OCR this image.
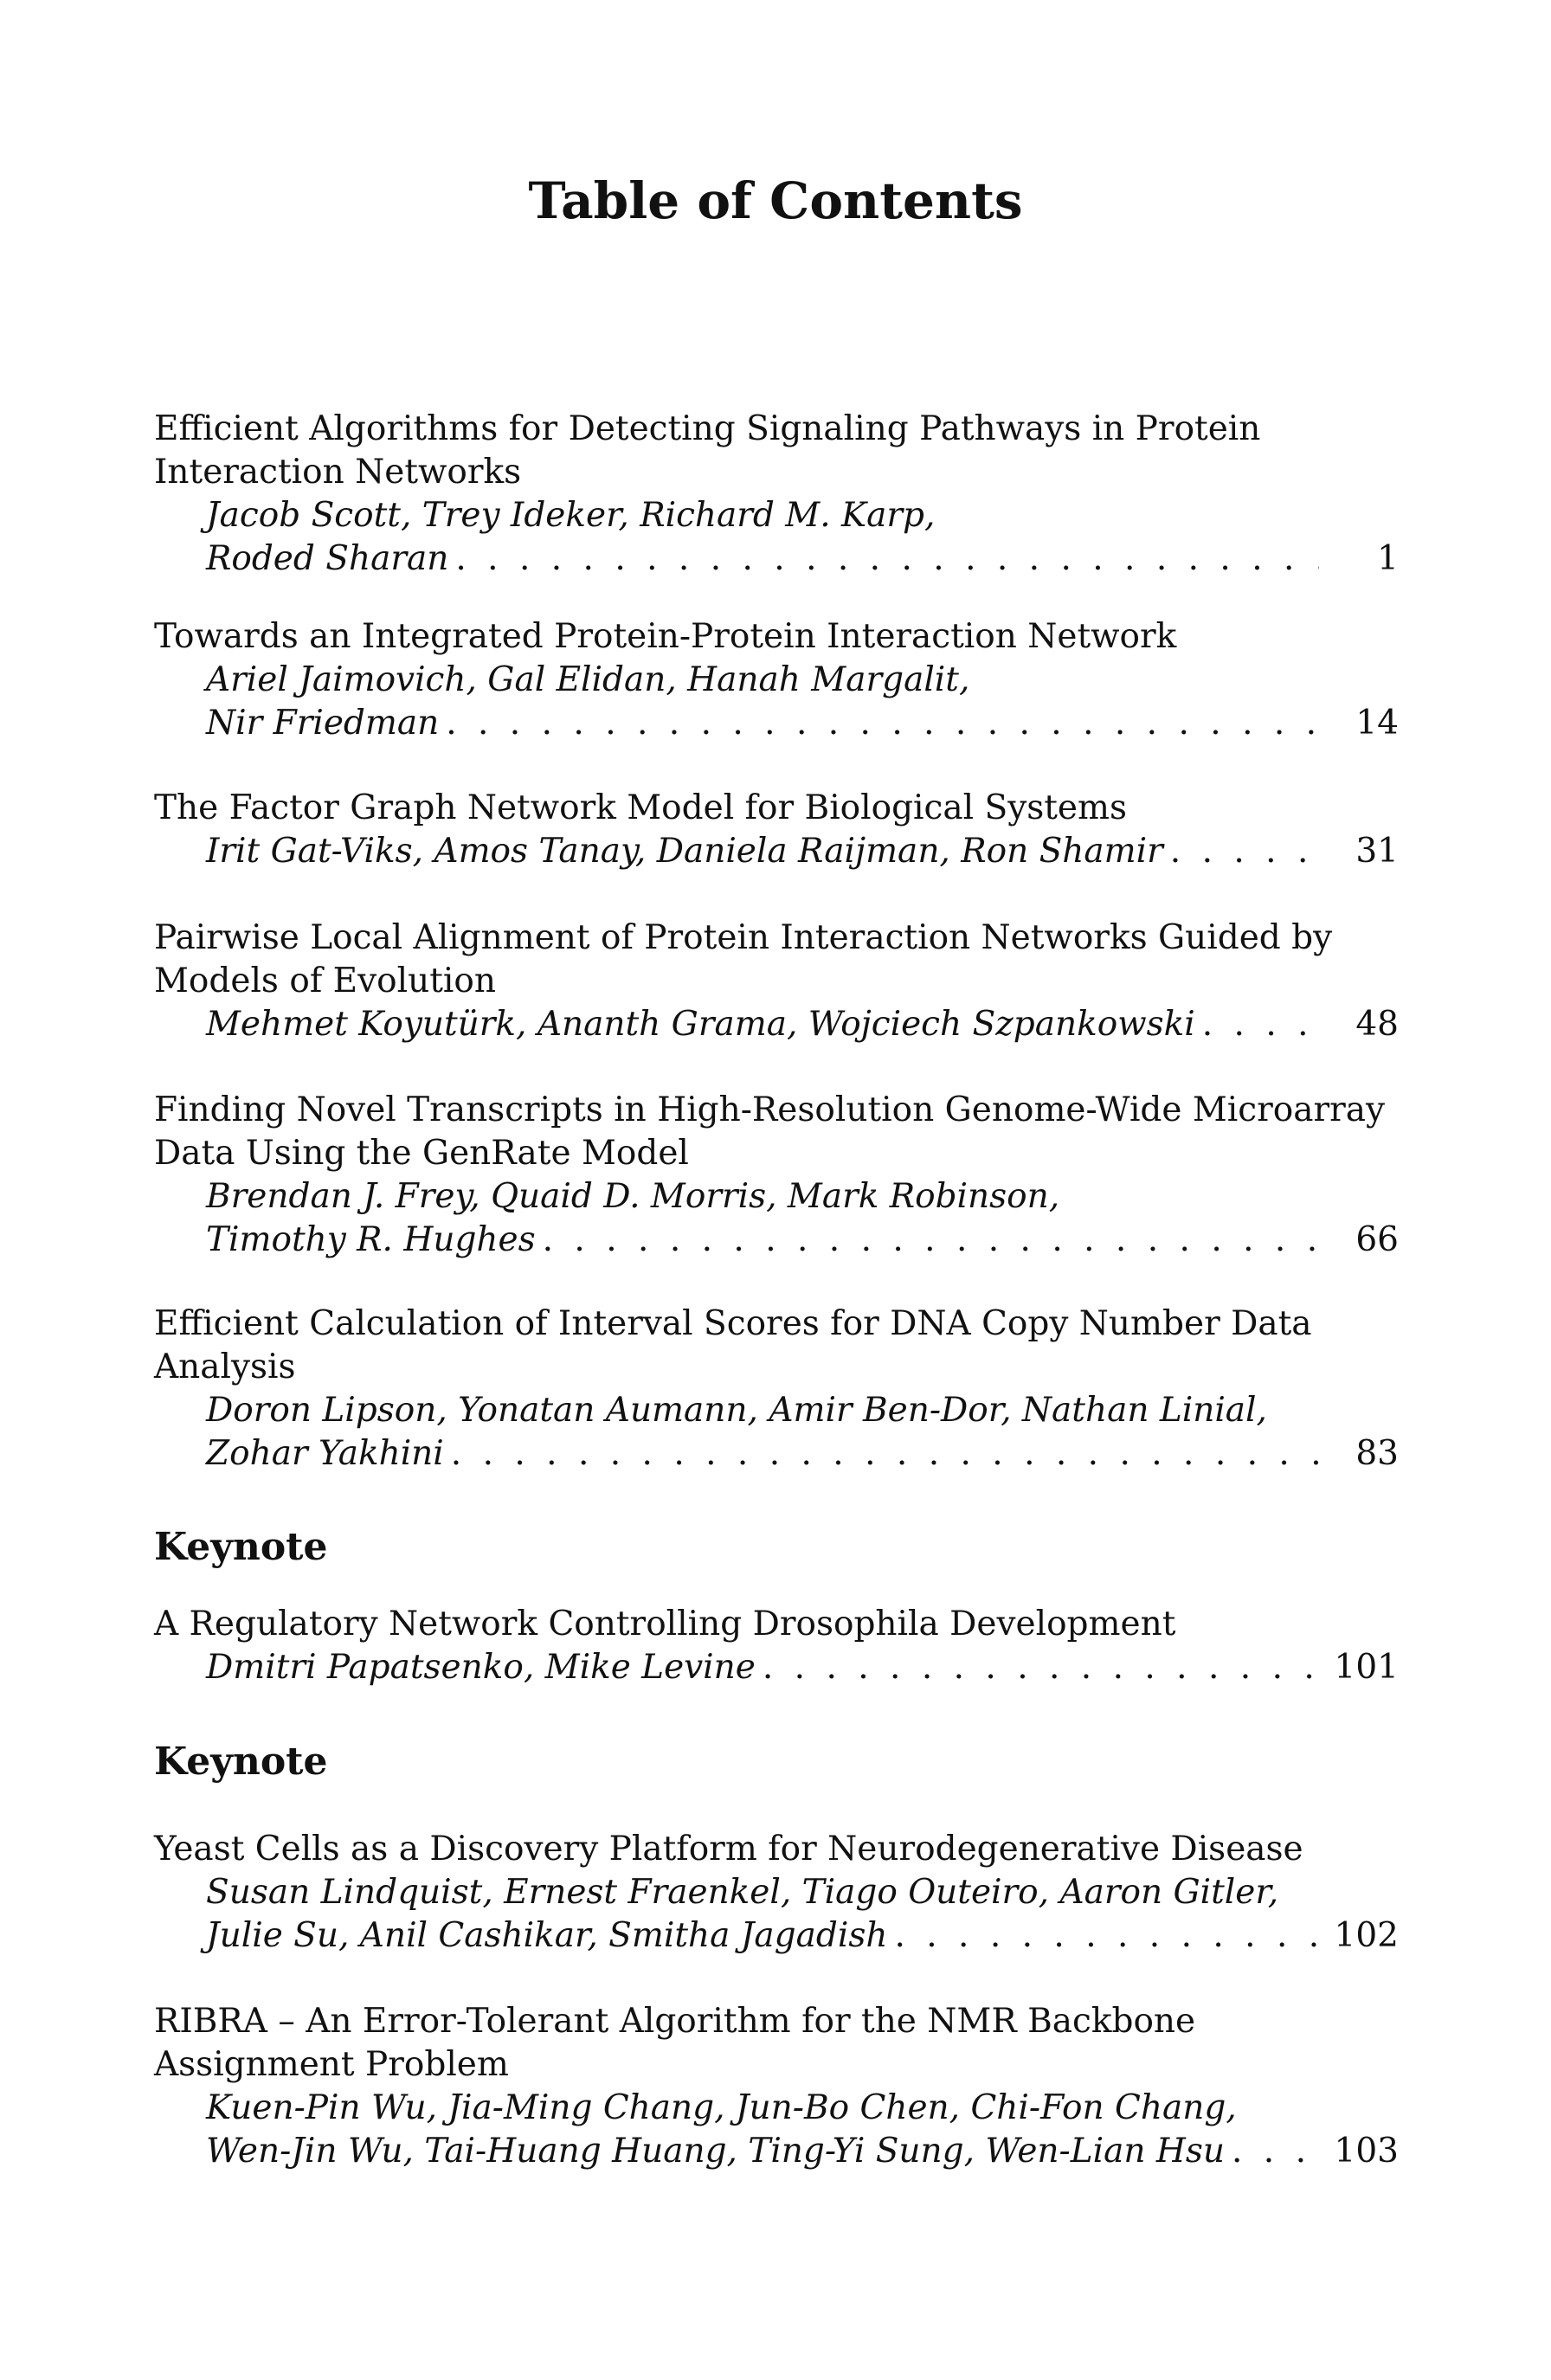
Table of Contents
Efficient Algorithms for Detecting Signaling Pathways in Protein
Interaction Networks
Jacob Scott, Trey Ideker, Richard M. Karp,
Roded Sharan . . .	1
Towards an Integrated Protein-Protein Interaction Network
Ariel Jaimovich, Gal Elidan, Hanah Margalit,
Nir Friedman . . .	14
The Factor Graph Network Model for Biological Systems
Irit Gat-Viks, Amos Tanay, Daniela Raijman, Ron Shamir . . .	31
Pairwise Local Alignment of Protein Interaction Networks Guided by
Models of Evolution
Mehmet Koyutürk, Ananth Grama, Wojciech Szpankowski . . .	48
Finding Novel Transcripts in High-Resolution Genome-Wide Microarray
Data Using the GenRate Model
Brendan J. Frey, Quaid D. Morris, Mark Robinson,
Timothy R. Hughes . . .	66
Efficient Calculation of Interval Scores for DNA Copy Number Data
Analysis
Doron Lipson, Yonatan Aumann, Amir Ben-Dor, Nathan Linial,
Zohar Yakhini . . .	83
Keynote
A Regulatory Network Controlling Drosophila Development
Dmitri Papatsenko, Mike Levine . . .	101
Keynote
Yeast Cells as a Discovery Platform for Neurodegenerative Disease
Susan Lindquist, Ernest Fraenkel, Tiago Outeiro, Aaron Gitler,
Julie Su, Anil Cashikar, Smitha Jagadish . . .	102
RIBRA – An Error-Tolerant Algorithm for the NMR Backbone
Assignment Problem
Kuen-Pin Wu, Jia-Ming Chang, Jun-Bo Chen, Chi-Fon Chang,
Wen-Jin Wu, Tai-Huang Huang, Ting-Yi Sung, Wen-Lian Hsu . . .	103
